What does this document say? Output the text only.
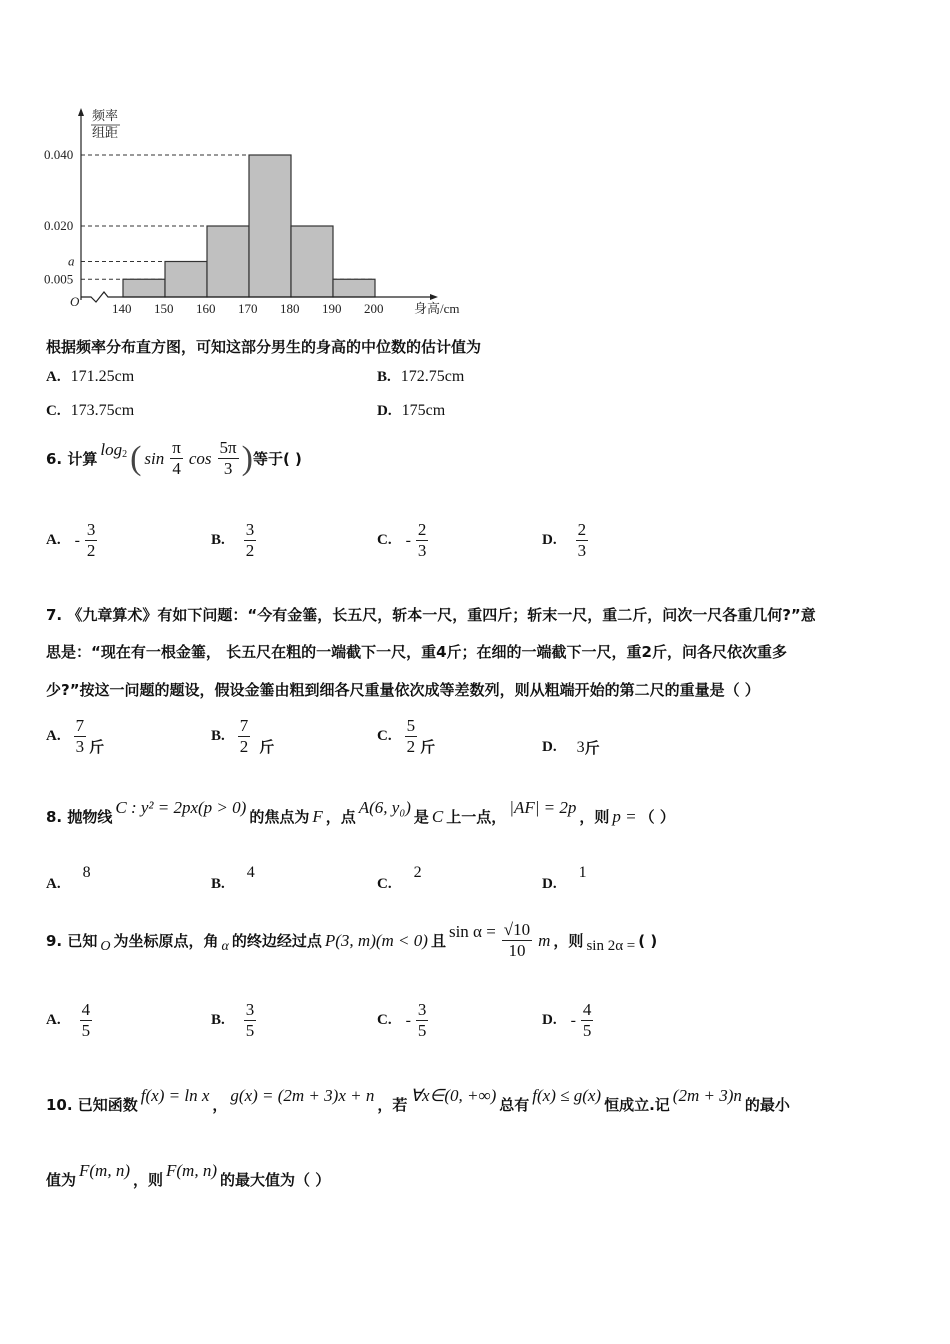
0.040
0.020
a
0.005
140 150 160 170 180 190 200
频率
组距
O	身高/cm
根据频率分布直方图，可知这部分男生的身高的中位数的估计值为
A. 171.25cm	B. 172.75cm
C. 173.75cm	D. 175cm
6. 计算
log 2 ( $\sin \frac{\pi}{4}$ $\cos \frac{5\pi}{3}$ ) 等于( )
A. - $\frac{3}{2}$	B. $\frac{3}{2}$	C. - $\frac{2}{3}$	D. $\frac{2}{3}$
7. 《九章算术》有如下问题：“今有金箠，长五尺，斩本一尺，重四斤；斩末一尺，重二斤，问次一尺各重几何?”意
思是：“现在有一根金箠， 长五尺在粗的一端截下一尺，重4斤；在细的一端截下一尺，重2斤，问各尺依次重多
少?”按这一问题的题设，假设金箠由粗到细各尺重量依次成等差数列，则从粗端开始的第二尺的重量是（ ）
A. $\frac{7}{3}$ 斤
B. $\frac{7}{2}$ 斤
C. $\frac{5}{2}$ 斤	D. 3 斤
8. 抛物线
C : y² = 2px(p > 0)
的焦点为 F ，点
A(6, y₀)
是 C 上一点，
|AF| = 2p
，则 p = （ ）
A.
8
B.
4
C.
2
D.
1
9. 已知 O 为坐标原点，角 α 的终边经过点 P(3, m)(m < 0) 且
$\sin \alpha = \frac{√10}{10}$ m ，则 sin 2α = ( )
A. $\frac{4}{5}$	B. $\frac{3}{5}$	C. - $\frac{3}{5}$	D. - $\frac{4}{5}$
10. 已知函数
f(x) = ln x
，
g(x) = (2m + 3)x + n
，若
∀x∈(0, +∞)
总有
f(x) ≤ g(x)
恒成立.记
(2m + 3)n
的最小
值为
F(m, n)
，则
F(m, n)
的最大值为（ ）
